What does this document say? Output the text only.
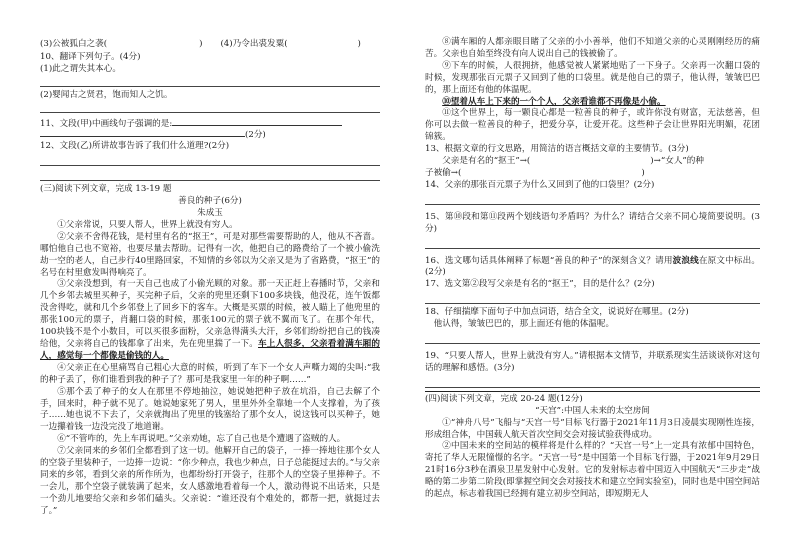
(3)公被狐白之袭(	) (4)乃令出裘发粟(	)
10、翻译下列句子。(4分)
(1)此之谓失其本心。
(2)婴闻古之贤君，饱而知人之饥。
11、文段(甲)中画线句子强调的是:
(2分)
12、文段(乙)所讲故事告诉了我们什么道理?(2分)
(三)阅读下列文章，完成 13-19 题
善良的种子(6分)
朱成玉

①父亲常说，只要人帮人，世界上就没有穷人。

②父亲不舍得花钱，是村里有名的“抠王”，可是对那些需要帮助的人，他从不吝啬。哪怕他自己也不宽裕，也要尽量去帮助。记得有一次，他把自己的路费给了一个被小偷洗劫一空的老人，自己步行40里路回家，不知情的乡邻以为父亲又是为了省路费，“抠王”的名号在村里愈发叫得响亮了。

③父亲没想到，有一天自己也成了小偷光顾的对象。那一天正赶上春播时节，父亲和几个乡邻去城里买种子，买完种子后，父亲的兜里还剩下100多块钱，他没花，连午饭都没舍得吃，就和几个乡邻登上了回乡下的客车。大概是买票的时候，被人瞄上了他兜里的那张100元的票子，肖翻口袋的时候，那张100元的票子就不翼而飞了。在那个年代，100块钱不是个小数目，可以买很多面粉，父亲急得满头大汗，乡邻们纷纷把自己的钱凑给他，父亲将自己的钱都拿了出来，先在兜里揣了一下。车上人很多，父亲看着满车厢的人，感觉每一个都像是偷钱的人。

④父亲正在心里痛骂自己粗心大意的时候，听到了车下一个女人声嘶力竭的尖叫:“我的种子丢了，你们谁看到我的种子了？那可是我家里一年的种子啊……”

⑤那个丢了种子的女人在那里不停地抽泣，她说她把种子放在坑沿，自己去解了个手，回来时，种子就不见了。她说她家死了男人，里里外外全靠她一个人支撑着，为了孩子……她也说不下去了，父亲就掏出了兜里的钱塞给了那个女人，说这钱可以买种子，她一边攥着钱一边没完没了地道谢。

⑥“不管咋的，先上车再说吧。”父亲劝她，忘了自己也是个遭遇了盗贼的人。

⑦父亲同来的乡邻们全都看到了这一切。他解开自己的袋子，一捧一捧地往那个女人的空袋子里装种子，一边捧一边说：“你少种点，我也少种点，日子总能挺过去的。”与父亲同来的乡邻，看到父亲的所作所为，也都纷纷打开袋子，往那个人的空袋子里捧种子。不一会儿，那个空袋子就装满了起来，女人感激地看着每一个人，激动得说不出话来，只是一个劲儿地要给父亲和乡邻们磕头。父亲说：“谁还没有个难处的，都帮一把，就挺过去了。”

⑧满车厢的人都亲眼目睹了父亲的小小善举，他们不知道父亲的心灵刚刚经历的痛苦。父亲也自始至终没有向人说出自己的钱被偷了。

⑨下车的时候，人很拥挤，他感觉被人紧紧地贴了一下身子。父亲再一次翻口袋的时候，发现那张百元票子又回到了他的口袋里。就是他自己的票子，他认得，皱皱巴巴的，那上面还有他的体温呢。

⑩望着从车上下来的一个个人，父亲看谁都不再像是小偷。

⑪这个世界上，每一颗良心都是一粒善良的种子，或许你没有财富，无法慈善，但你可以去做一粒善良的种子，把爱分享，让爱开花。这些种子会让世界阳光明媚，花团锦簇。

13、根据文章的行文思路，用简洁的语言概括文章的主要情节。(3分)
父亲是有名的“抠王”→(	)→“女人”的种
子被偷→(	)
14、父亲的那张百元票子为什么又回到了他的口袋里？(2分)

15、第⑩段和第⑪段两个划线语句矛盾吗？为什么？请结合父亲不同心境简要说明。(3分)

16、选文哪句话具体阐释了标题“善良的种子”的深刻含义？请用波浪线在原文中标出。(2分)

17、选文第②段写父亲是有名的“抠王”，目的是什么？(2分)
18、仔细揣摩下面句子中加点词语，结合全文，说说好在哪里。(2分)
他认得，皱皱巴巴的，那上面还有他的体温呢。

19、“只要人帮人，世界上就没有穷人。”请根据本文情节，并联系现实生活谈谈你对这句话的理解和感悟。(3分)

(四)阅读下列文章，完成 20-24 题(12分)
“天宫”:中国人未来的太空房间

①“神舟八号”飞船与“天宫一号”目标飞行器于2021年11月3日凌晨实现刚性连接，形成组合体，中国载人航天首次空间交会对接试验获得成功。

②中国未来的空间站的模样将是什么样的？“天宫一号”上一定具有浓郁中国特色，寄托了华人无限憧憬的名字。“天宫一号”是中国第一个目标飞行器，于2021年9月29日21时16分3秒在酒泉卫星发射中心发射。它的发射标志着中国迈入中国航天“三步走”战略的第二步第二阶段(即掌握空间交会对接技术和建立空间实验室)，同时也是中国空间站的起点，标志着我国已经拥有建立初步空间站，即短期无人
